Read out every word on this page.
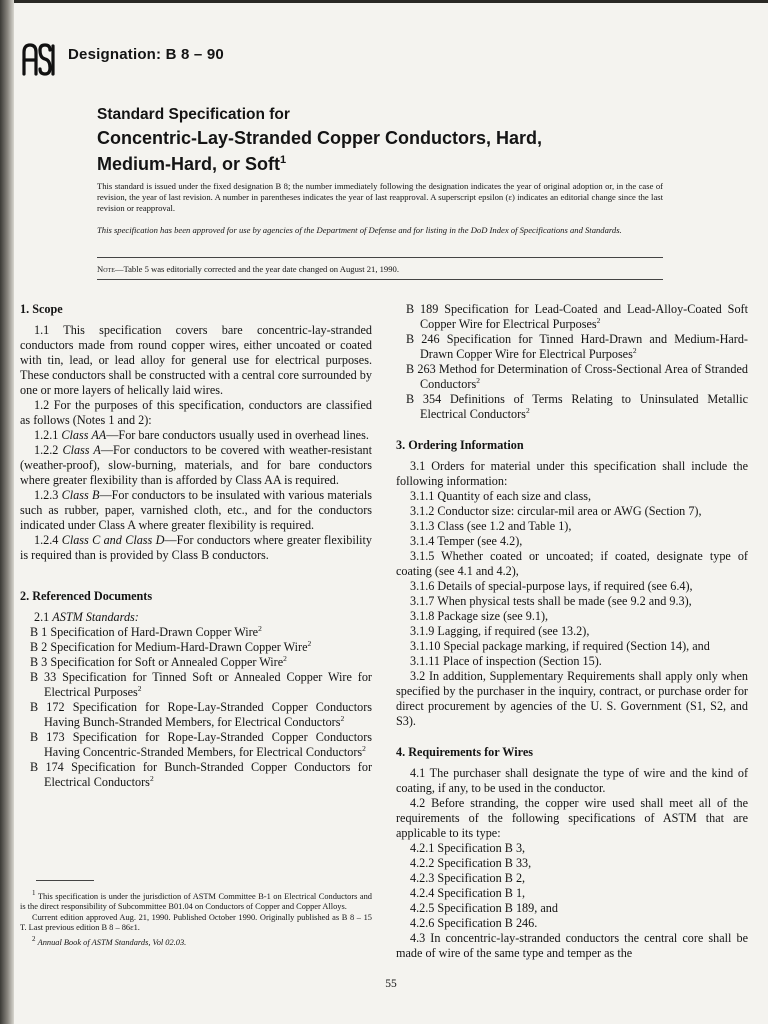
Designation: B 8 – 90
Standard Specification for
Concentric-Lay-Stranded Copper Conductors, Hard,
Medium-Hard, or Soft$^1$
This standard is issued under the fixed designation B 8; the number immediately following the designation indicates the year of original adoption or, in the case of revision, the year of last revision. A number in parentheses indicates the year of last reapproval. A superscript epsilon (ε) indicates an editorial change since the last revision or reapproval.
This specification has been approved for use by agencies of the Department of Defense and for listing in the DoD Index of Specifications and Standards.
Note—Table 5 was editorially corrected and the year date changed on August 21, 1990.
1. Scope

1.1 This specification covers bare concentric-lay-stranded conductors made from round copper wires, either uncoated or coated with tin, lead, or lead alloy for general use for electrical purposes. These conductors shall be constructed with a central core surrounded by one or more layers of helically laid wires.

1.2 For the purposes of this specification, conductors are classified as follows (Notes 1 and 2):

1.2.1 Class AA—For bare conductors usually used in overhead lines.

1.2.2 Class A—For conductors to be covered with weather-resistant (weather-proof), slow-burning, materials, and for bare conductors where greater flexibility than is afforded by Class AA is required.

1.2.3 Class B—For conductors to be insulated with various materials such as rubber, paper, varnished cloth, etc., and for the conductors indicated under Class A where greater flexibility is required.

1.2.4 Class C and Class D—For conductors where greater flexibility is required than is provided by Class B conductors.

2. Referenced Documents

2.1 ASTM Standards:

B 1 Specification of Hard-Drawn Copper Wire$^2$

B 2 Specification for Medium-Hard-Drawn Copper Wire$^2$

B 3 Specification for Soft or Annealed Copper Wire$^2$

B 33 Specification for Tinned Soft or Annealed Copper Wire for Electrical Purposes$^2$

B 172 Specification for Rope-Lay-Stranded Copper Conductors Having Bunch-Stranded Members, for Electrical Conductors$^2$

B 173 Specification for Rope-Lay-Stranded Copper Conductors Having Concentric-Stranded Members, for Electrical Conductors$^2$

B 174 Specification for Bunch-Stranded Copper Conductors for Electrical Conductors$^2$

B 189 Specification for Lead-Coated and Lead-Alloy-Coated Soft Copper Wire for Electrical Purposes$^2$

B 246 Specification for Tinned Hard-Drawn and Medium-Hard-Drawn Copper Wire for Electrical Purposes$^2$

B 263 Method for Determination of Cross-Sectional Area of Stranded Conductors$^2$

B 354 Definitions of Terms Relating to Uninsulated Metallic Electrical Conductors$^2$

3. Ordering Information

3.1 Orders for material under this specification shall include the following information:

3.1.1 Quantity of each size and class,

3.1.2 Conductor size: circular-mil area or AWG (Section 7),

3.1.3 Class (see 1.2 and Table 1),

3.1.4 Temper (see 4.2),

3.1.5 Whether coated or uncoated; if coated, designate type of coating (see 4.1 and 4.2),

3.1.6 Details of special-purpose lays, if required (see 6.4),

3.1.7 When physical tests shall be made (see 9.2 and 9.3),

3.1.8 Package size (see 9.1),

3.1.9 Lagging, if required (see 13.2),

3.1.10 Special package marking, if required (Section 14), and

3.1.11 Place of inspection (Section 15).

3.2 In addition, Supplementary Requirements shall apply only when specified by the purchaser in the inquiry, contract, or purchase order for direct procurement by agencies of the U. S. Government (S1, S2, and S3).

4. Requirements for Wires

4.1 The purchaser shall designate the type of wire and the kind of coating, if any, to be used in the conductor.

4.2 Before stranding, the copper wire used shall meet all of the requirements of the following specifications of ASTM that are applicable to its type:

4.2.1 Specification B 3,

4.2.2 Specification B 33,

4.2.3 Specification B 2,

4.2.4 Specification B 1,

4.2.5 Specification B 189, and

4.2.6 Specification B 246.

4.3 In concentric-lay-stranded conductors the central core shall be made of wire of the same type and temper as the

$^1$ This specification is under the jurisdiction of ASTM Committee B-1 on Electrical Conductors and is the direct responsibility of Subcommittee B01.04 on Conductors of Copper and Copper Alloys.

Current edition approved Aug. 21, 1990. Published October 1990. Originally published as B 8 – 15 T. Last previous edition B 8 – 86ε1.

$^2$ Annual Book of ASTM Standards, Vol 02.03.

55
